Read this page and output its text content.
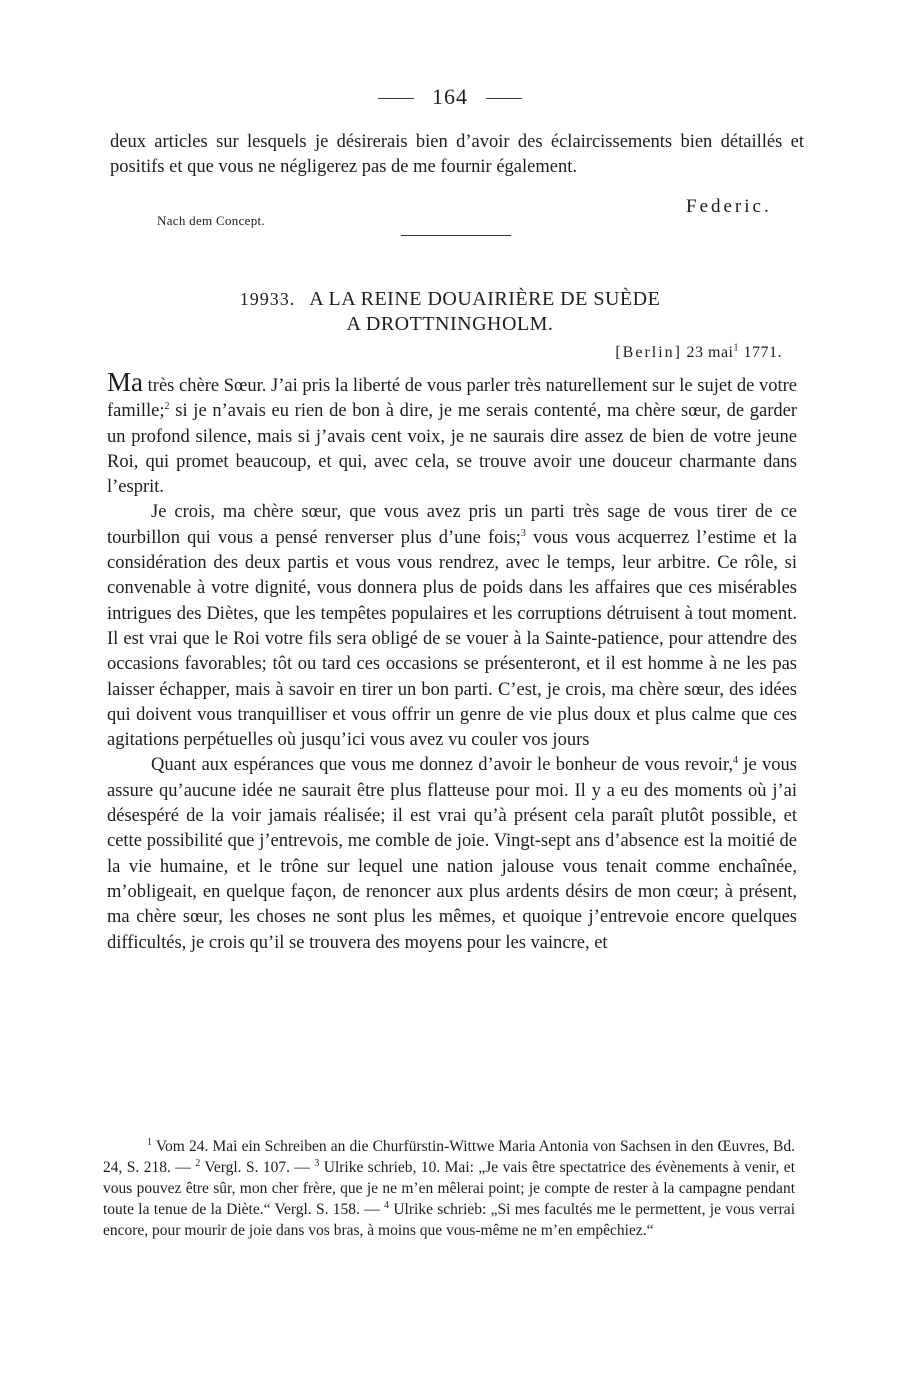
164

deux articles sur lesquels je désirerais bien d’avoir des éclaircissements bien détaillés et positifs et que vous ne négligerez pas de me fournir également.

Federic.
Nach dem Concept.
19933. A LA REINE DOUAIRIÈRE DE SUÈDE
A DROTTNINGHOLM.
[Berlin] 23 mai$^1$ 1771.

Ma très chère Sœur. J’ai pris la liberté de vous parler très naturellement sur le sujet de votre famille;$^2$ si je n’avais eu rien de bon à dire, je me serais contenté, ma chère sœur, de garder un profond silence, mais si j’avais cent voix, je ne saurais dire assez de bien de votre jeune Roi, qui promet beaucoup, et qui, avec cela, se trouve avoir une douceur charmante dans l’esprit.

Je crois, ma chère sœur, que vous avez pris un parti très sage de vous tirer de ce tourbillon qui vous a pensé renverser plus d’une fois;$^3$ vous vous acquerrez l’estime et la considération des deux partis et vous vous rendrez, avec le temps, leur arbitre. Ce rôle, si convenable à votre dignité, vous donnera plus de poids dans les affaires que ces misérables intrigues des Diètes, que les tempêtes populaires et les corruptions détruisent à tout moment. Il est vrai que le Roi votre fils sera obligé de se vouer à la Sainte-patience, pour attendre des occasions favorables; tôt ou tard ces occasions se présenteront, et il est homme à ne les pas laisser échapper, mais à savoir en tirer un bon parti. C’est, je crois, ma chère sœur, des idées qui doivent vous tranquilliser et vous offrir un genre de vie plus doux et plus calme que ces agitations perpétuelles où jusqu’ici vous avez vu couler vos jours

Quant aux espérances que vous me donnez d’avoir le bonheur de vous revoir,$^4$ je vous assure qu’aucune idée ne saurait être plus flatteuse pour moi. Il y a eu des moments où j’ai désespéré de la voir jamais réalisée; il est vrai qu’à présent cela paraît plutôt possible, et cette possibilité que j’entrevois, me comble de joie. Vingt-sept ans d’absence est la moitié de la vie humaine, et le trône sur lequel une nation jalouse vous tenait comme enchaînée, m’obligeait, en quelque façon, de renoncer aux plus ardents désirs de mon cœur; à présent, ma chère sœur, les choses ne sont plus les mêmes, et quoique j’entrevoie encore quelques difficultés, je crois qu’il se trouvera des moyens pour les vaincre, et

$^1$ Vom 24. Mai ein Schreiben an die Churfürstin-Wittwe Maria Antonia von Sachsen in den Œuvres, Bd. 24, S. 218. — $^2$ Vergl. S. 107. — $^3$ Ulrike schrieb, 10. Mai: „Je vais être spectatrice des évènements à venir, et vous pouvez être sûr, mon cher frère, que je ne m’en mêlerai point; je compte de rester à la campagne pendant toute la tenue de la Diète.“ Vergl. S. 158. — $^4$ Ulrike schrieb: „Si mes facultés me le permettent, je vous verrai encore, pour mourir de joie dans vos bras, à moins que vous-même ne m’en empêchiez.“
